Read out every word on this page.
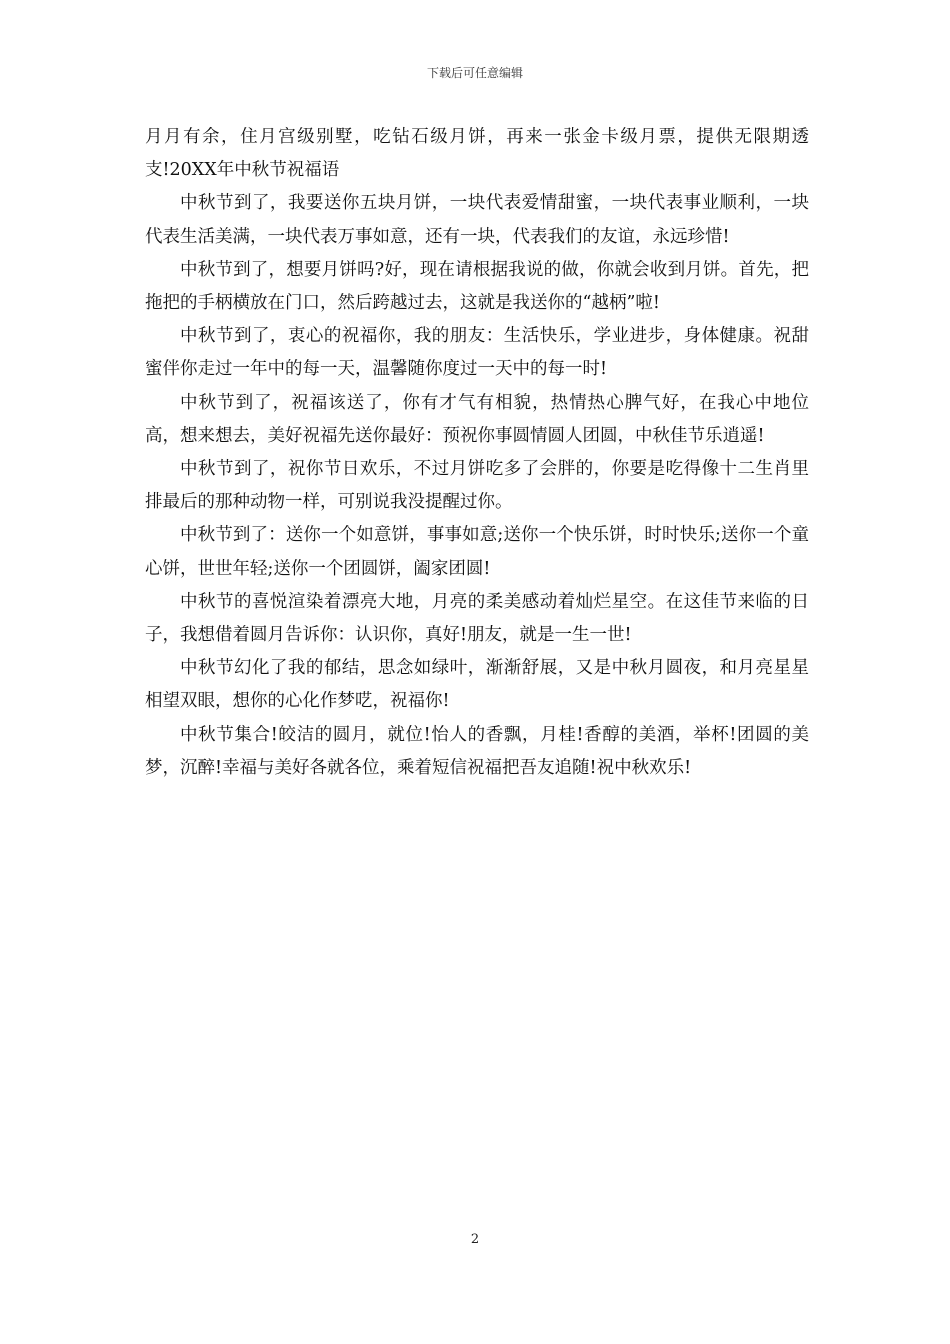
下载后可任意编辑

月月有余，住月宫级别墅，吃钻石级月饼，再来一张金卡级月票，提供无限期透支!20XX年中秋节祝福语

中秋节到了，我要送你五块月饼，一块代表爱情甜蜜，一块代表事业顺利，一块代表生活美满，一块代表万事如意，还有一块，代表我们的友谊，永远珍惜!

中秋节到了，想要月饼吗?好，现在请根据我说的做，你就会收到月饼。首先，把拖把的手柄横放在门口，然后跨越过去，这就是我送你的“越柄”啦!

中秋节到了，衷心的祝福你，我的朋友：生活快乐，学业进步，身体健康。祝甜蜜伴你走过一年中的每一天，温馨随你度过一天中的每一时!

中秋节到了，祝福该送了，你有才气有相貌，热情热心脾气好，在我心中地位高，想来想去，美好祝福先送你最好：预祝你事圆情圆人团圆，中秋佳节乐逍遥!

中秋节到了，祝你节日欢乐，不过月饼吃多了会胖的，你要是吃得像十二生肖里排最后的那种动物一样，可别说我没提醒过你。

中秋节到了：送你一个如意饼，事事如意;送你一个快乐饼，时时快乐;送你一个童心饼，世世年轻;送你一个团圆饼，阖家团圆!

中秋节的喜悦渲染着漂亮大地，月亮的柔美感动着灿烂星空。在这佳节来临的日子，我想借着圆月告诉你：认识你，真好!朋友，就是一生一世!

中秋节幻化了我的郁结，思念如绿叶，渐渐舒展，又是中秋月圆夜，和月亮星星相望双眼，想你的心化作梦呓，祝福你!

中秋节集合!皎洁的圆月，就位!怡人的香飘，月桂!香醇的美酒，举杯!团圆的美梦，沉醉!幸福与美好各就各位，乘着短信祝福把吾友追随!祝中秋欢乐!

2
